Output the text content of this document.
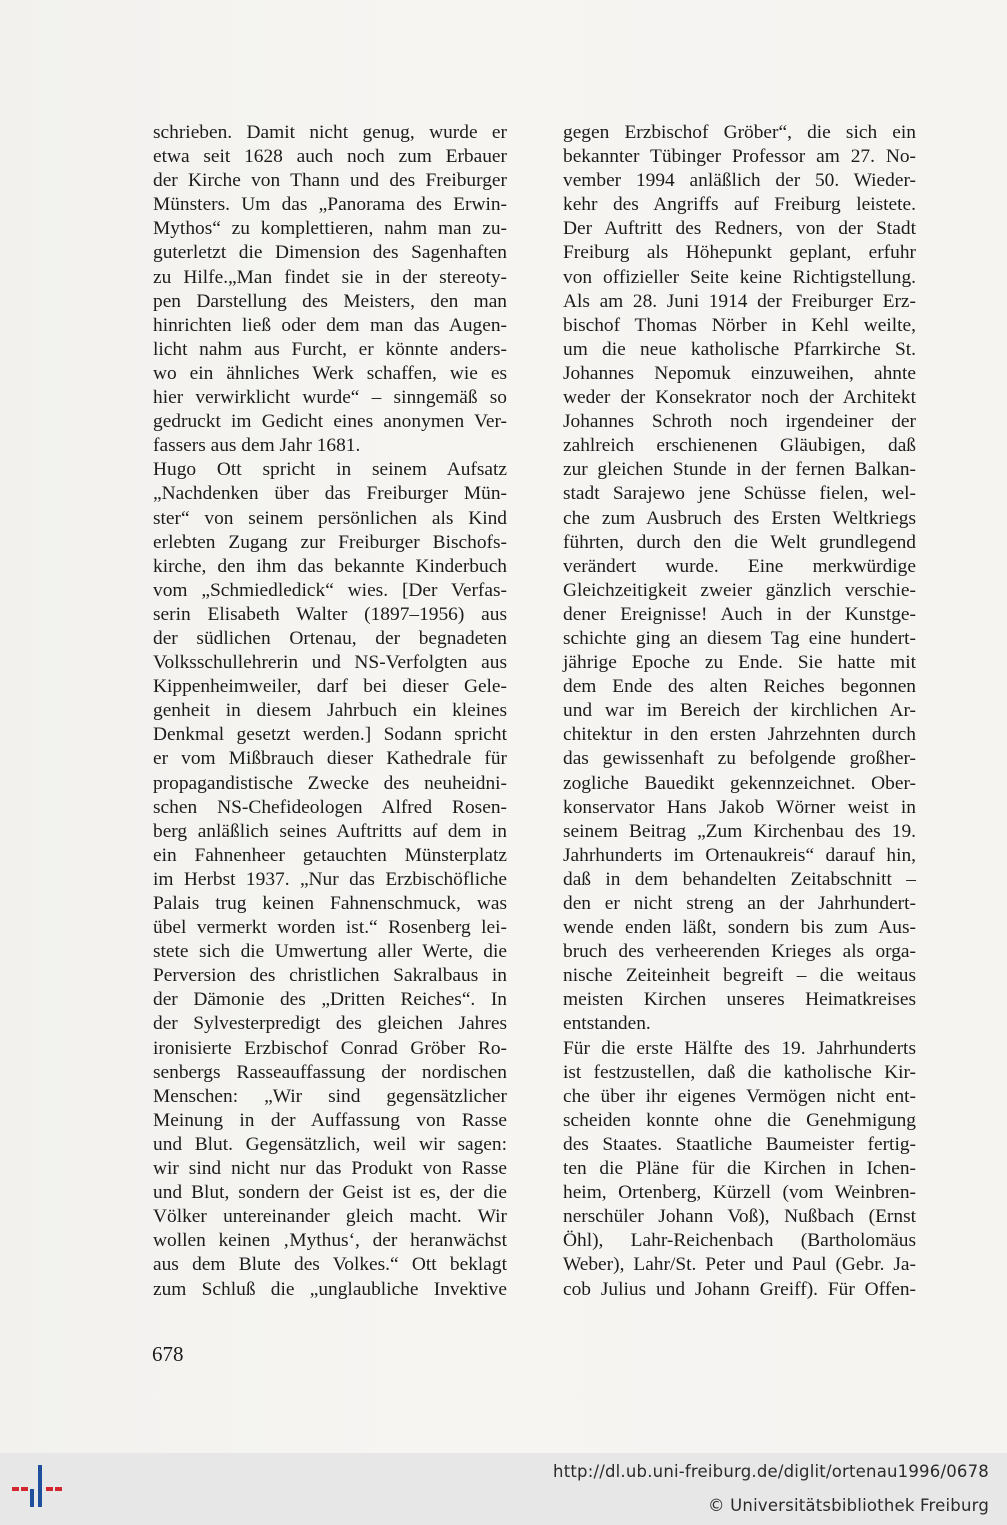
schrieben. Damit nicht genug, wurde er
etwa seit 1628 auch noch zum Erbauer
der Kirche von Thann und des Freiburger
Münsters. Um das „Panorama des Erwin-
Mythos“ zu komplettieren, nahm man zu-
guterletzt die Dimension des Sagenhaften
zu Hilfe.„Man findet sie in der stereoty-
pen Darstellung des Meisters, den man
hinrichten ließ oder dem man das Augen-
licht nahm aus Furcht, er könnte anders-
wo ein ähnliches Werk schaffen, wie es
hier verwirklicht wurde“ – sinngemäß so
gedruckt im Gedicht eines anonymen Ver-
fassers aus dem Jahr 1681.
Hugo Ott spricht in seinem Aufsatz
„Nachdenken über das Freiburger Mün-
ster“ von seinem persönlichen als Kind
erlebten Zugang zur Freiburger Bischofs-
kirche, den ihm das bekannte Kinderbuch
vom „Schmiedledick“ wies. [Der Verfas-
serin Elisabeth Walter (1897–1956) aus
der südlichen Ortenau, der begnadeten
Volksschullehrerin und NS-Verfolgten aus
Kippenheimweiler, darf bei dieser Gele-
genheit in diesem Jahrbuch ein kleines
Denkmal gesetzt werden.] Sodann spricht
er vom Mißbrauch dieser Kathedrale für
propagandistische Zwecke des neuheidni-
schen NS-Chefideologen Alfred Rosen-
berg anläßlich seines Auftritts auf dem in
ein Fahnenheer getauchten Münsterplatz
im Herbst 1937. „Nur das Erzbischöfliche
Palais trug keinen Fahnenschmuck, was
übel vermerkt worden ist.“ Rosenberg lei-
stete sich die Umwertung aller Werte, die
Perversion des christlichen Sakralbaus in
der Dämonie des „Dritten Reiches“. In
der Sylvesterpredigt des gleichen Jahres
ironisierte Erzbischof Conrad Gröber Ro-
senbergs Rasseauffassung der nordischen
Menschen: „Wir sind gegensätzlicher
Meinung in der Auffassung von Rasse
und Blut. Gegensätzlich, weil wir sagen:
wir sind nicht nur das Produkt von Rasse
und Blut, sondern der Geist ist es, der die
Völker untereinander gleich macht. Wir
wollen keinen ‚Mythus‘, der heranwächst
aus dem Blute des Volkes.“ Ott beklagt
zum Schluß die „unglaubliche Invektive
gegen Erzbischof Gröber“, die sich ein
bekannter Tübinger Professor am 27. No-
vember 1994 anläßlich der 50. Wieder-
kehr des Angriffs auf Freiburg leistete.
Der Auftritt des Redners, von der Stadt
Freiburg als Höhepunkt geplant, erfuhr
von offizieller Seite keine Richtigstellung.
Als am 28. Juni 1914 der Freiburger Erz-
bischof Thomas Nörber in Kehl weilte,
um die neue katholische Pfarrkirche St.
Johannes Nepomuk einzuweihen, ahnte
weder der Konsekrator noch der Architekt
Johannes Schroth noch irgendeiner der
zahlreich erschienenen Gläubigen, daß
zur gleichen Stunde in der fernen Balkan-
stadt Sarajewo jene Schüsse fielen, wel-
che zum Ausbruch des Ersten Weltkriegs
führten, durch den die Welt grundlegend
verändert wurde. Eine merkwürdige
Gleichzeitigkeit zweier gänzlich verschie-
dener Ereignisse! Auch in der Kunstge-
schichte ging an diesem Tag eine hundert-
jährige Epoche zu Ende. Sie hatte mit
dem Ende des alten Reiches begonnen
und war im Bereich der kirchlichen Ar-
chitektur in den ersten Jahrzehnten durch
das gewissenhaft zu befolgende großher-
zogliche Bauedikt gekennzeichnet. Ober-
konservator Hans Jakob Wörner weist in
seinem Beitrag „Zum Kirchenbau des 19.
Jahrhunderts im Ortenaukreis“ darauf hin,
daß in dem behandelten Zeitabschnitt –
den er nicht streng an der Jahrhundert-
wende enden läßt, sondern bis zum Aus-
bruch des verheerenden Krieges als orga-
nische Zeiteinheit begreift – die weitaus
meisten Kirchen unseres Heimatkreises
entstanden.
Für die erste Hälfte des 19. Jahrhunderts
ist festzustellen, daß die katholische Kir-
che über ihr eigenes Vermögen nicht ent-
scheiden konnte ohne die Genehmigung
des Staates. Staatliche Baumeister fertig-
ten die Pläne für die Kirchen in Ichen-
heim, Ortenberg, Kürzell (vom Weinbren-
nerschüler Johann Voß), Nußbach (Ernst
Öhl), Lahr-Reichenbach (Bartholomäus
Weber), Lahr/St. Peter und Paul (Gebr. Ja-
cob Julius und Johann Greiff). Für Offen-
678
http://dl.ub.uni-freiburg.de/diglit/ortenau1996/0678
© Universitätsbibliothek Freiburg
